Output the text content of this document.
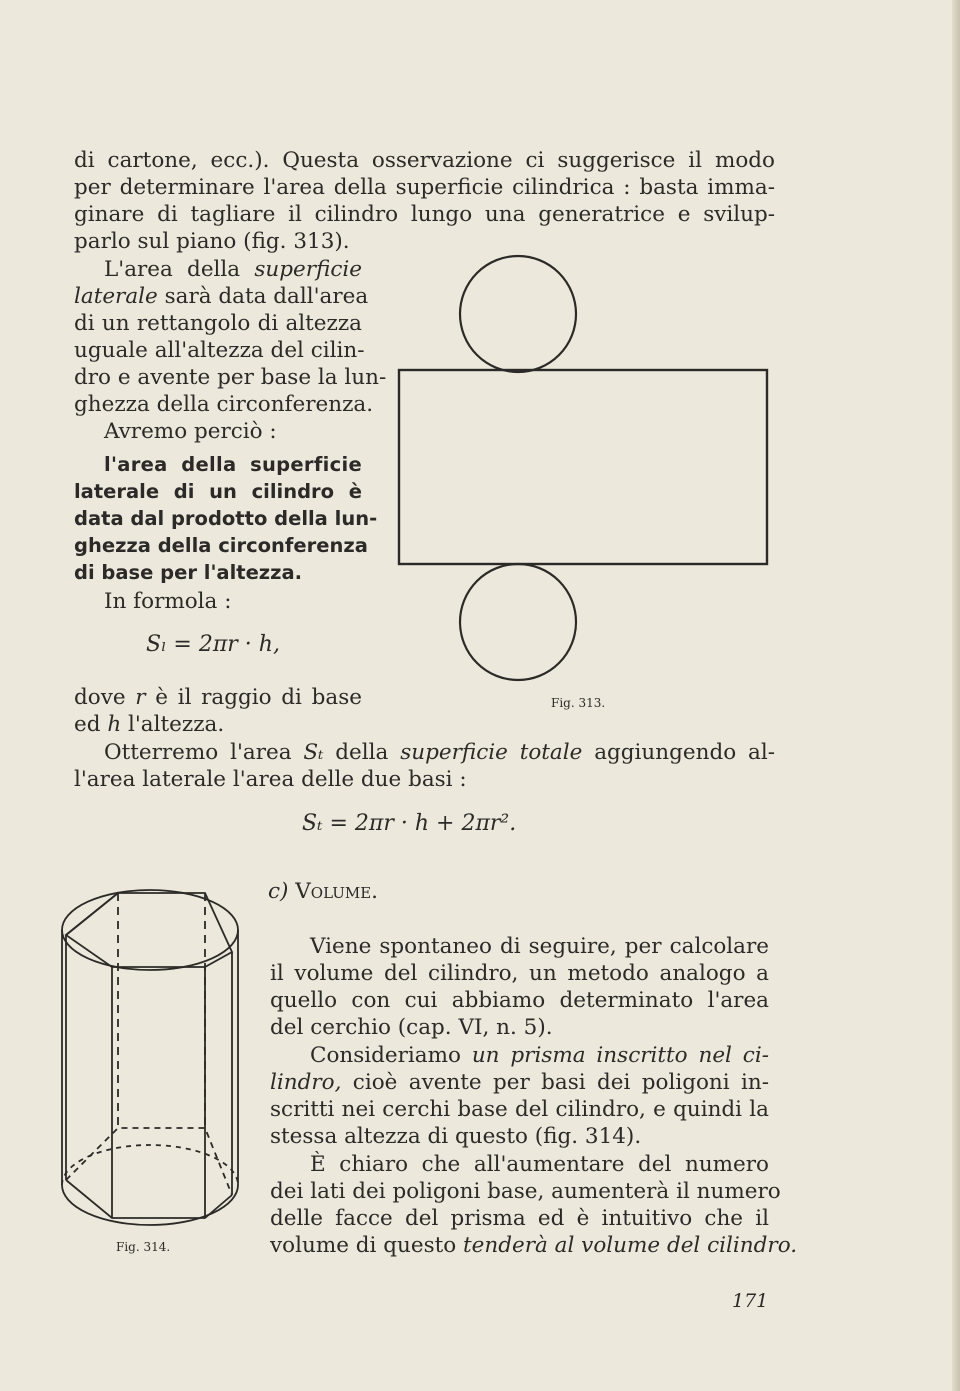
di cartone, ecc.). Questa osservazione ci suggerisce il modo
per determinare l'area della superficie cilindrica : basta imma-
ginare di tagliare il cilindro lungo una generatrice e svilup-
parlo sul piano (fig. 313).
L'area della superficie
laterale sarà data dall'area
di un rettangolo di altezza
uguale all'altezza del cilin-
dro e avente per base la lun-
ghezza della circonferenza.
Avremo perciò :
l'area della superficie
laterale di un cilindro è
data dal prodotto della lun-
ghezza della circonferenza
di base per l'altezza.
In formola :
Sₗ = 2πr · h,
dove r è il raggio di base
ed h l'altezza.
Otterremo l'area Sₜ della superficie totale aggiungendo al-
l'area laterale l'area delle due basi :
Sₜ = 2πr · h + 2πr².
Fig. 313.
c) Volume.
Viene spontaneo di seguire, per calcolare
il volume del cilindro, un metodo analogo a
quello con cui abbiamo determinato l'area
del cerchio (cap. VI, n. 5).
Consideriamo un prisma inscritto nel ci-
lindro, cioè avente per basi dei poligoni in-
scritti nei cerchi base del cilindro, e quindi la
stessa altezza di questo (fig. 314).
È chiaro che all'aumentare del numero
dei lati dei poligoni base, aumenterà il numero
delle facce del prisma ed è intuitivo che il
volume di questo tenderà al volume del cilindro.
Fig. 314.
171
